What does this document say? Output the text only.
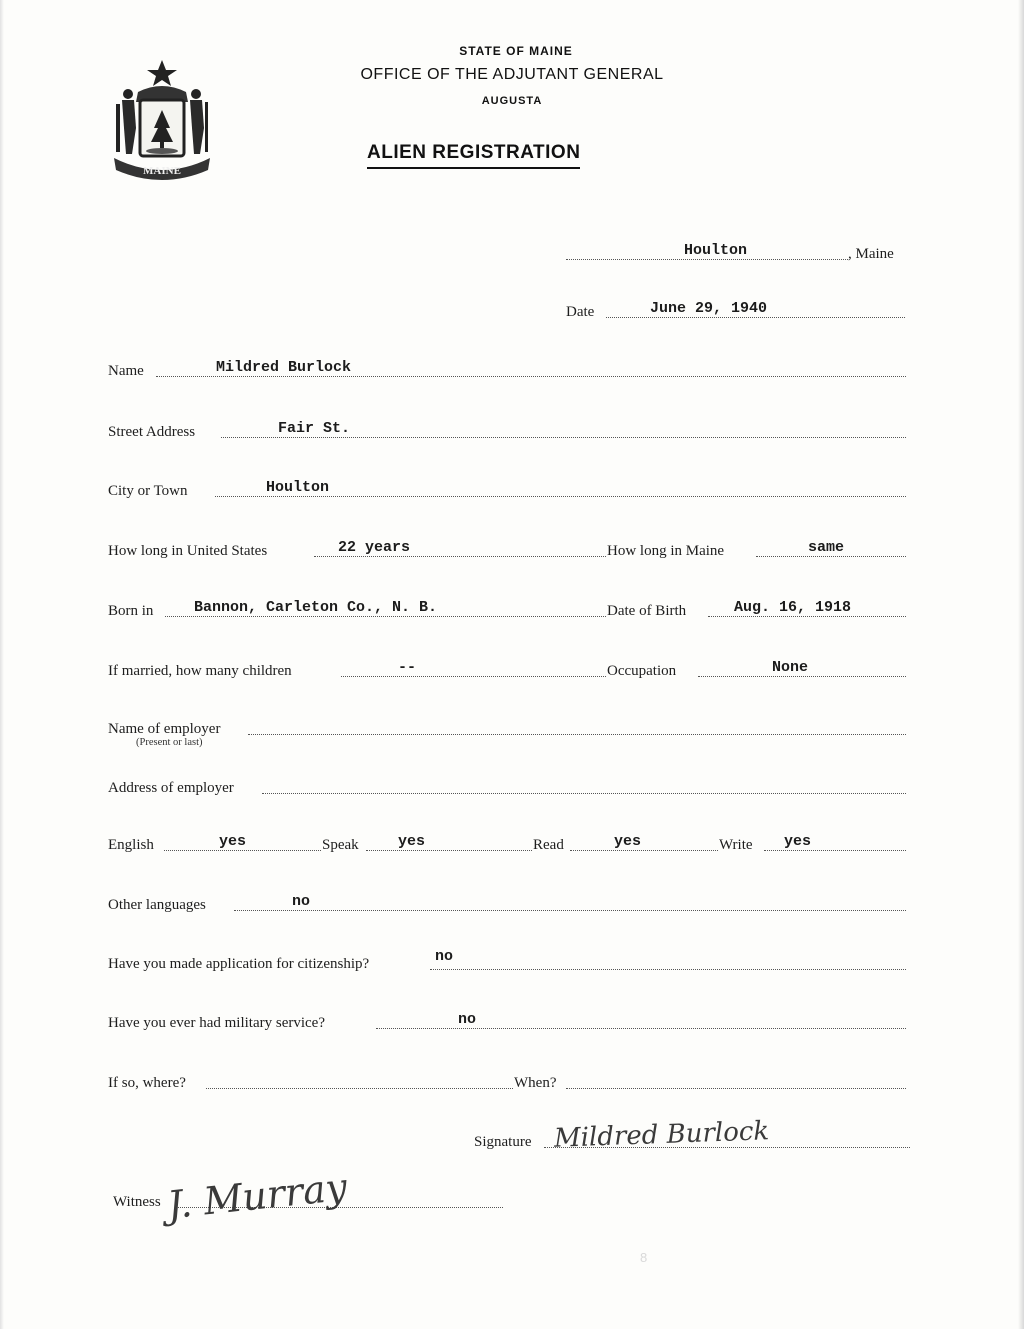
MAINE
STATE OF MAINE
OFFICE OF THE ADJUTANT GENERAL
AUGUSTA
ALIEN REGISTRATION
Houlton	, Maine
Date	June 29, 1940
Name	Mildred Burlock
Street Address	Fair St.
City or Town	Houlton
How long in United States	22 years	How long in Maine	same
Born in	Bannon, Carleton Co., N. B.	Date of Birth	Aug. 16, 1918
If married, how many children	--	Occupation	None
Name of employer
(Present or last)
Address of employer
English	yes	Speak	yes	Read	yes	Write yes
Other languages	no
Have you made application for citizenship?	no
Have you ever had military service?	no
If so, where?	When?
Signature Mildred Burlock
Witness J. Murray
8
